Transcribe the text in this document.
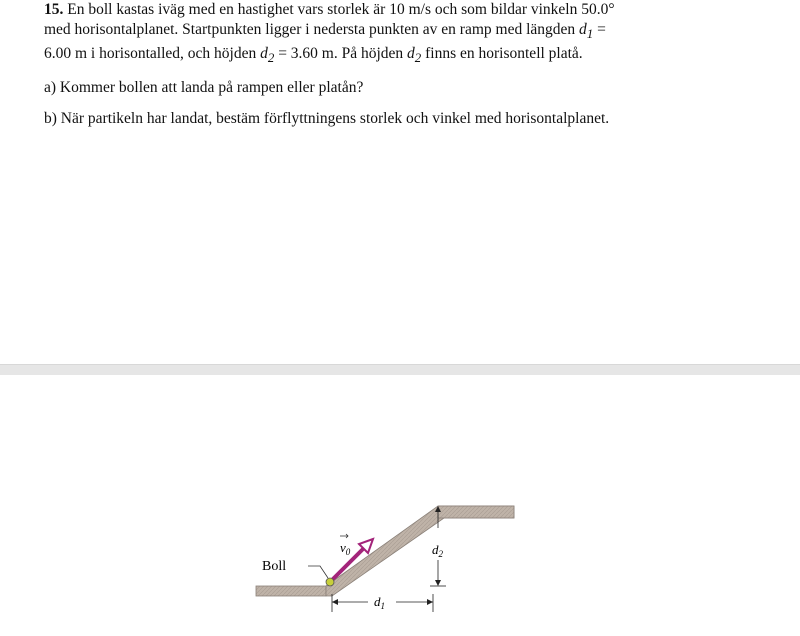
15. En boll kastas iväg med en hastighet vars storlek är 10 m/s och som bildar vinkeln 50.0°
med horisontalplanet. Startpunkten ligger i nedersta punkten av en ramp med längden $d_1$ =
6.00 m i horisontalled, och höjden $d_2 = 3.60$ m. På höjden $d_2$ finns en horisontell platå.

a) Kommer bollen att landa på rampen eller platån?

b) När partikeln har landat, bestäm förflyttningens storlek och vinkel med horisontalplanet.

Boll
$v_0$	$d_2$
$d_1$
